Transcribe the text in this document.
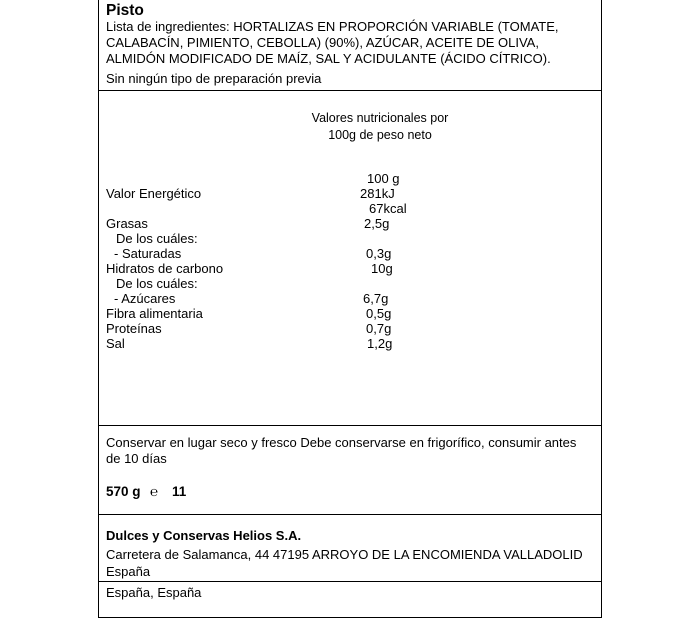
Pisto
Lista de ingredientes: HORTALIZAS EN PROPORCIÓN VARIABLE (TOMATE,
CALABACÍN, PIMIENTO, CEBOLLA) (90%), AZÚCAR, ACEITE DE OLIVA,
ALMIDÓN MODIFICADO DE MAÍZ, SAL Y ACIDULANTE (ÁCIDO CÍTRICO).
Sin ningún tipo de preparación previa
Valores nutricionales por
100g de peso neto
100 g
Valor Energético	281kJ
67kcal
Grasas	2,5g
De los cuáles:
- Saturadas	0,3g
Hidratos de carbono	10g
De los cuáles:
- Azúcares	6,7g
Fibra alimentaria	0,5g
Proteínas	0,7g
Sal	1,2g
Conservar en lugar seco y fresco Debe conservarse en frigorífico, consumir antes
de 10 días
570 g ℮ 11
Dulces y Conservas Helios S.A.
Carretera de Salamanca, 44 47195 ARROYO DE LA ENCOMIENDA VALLADOLID
España
España, España
